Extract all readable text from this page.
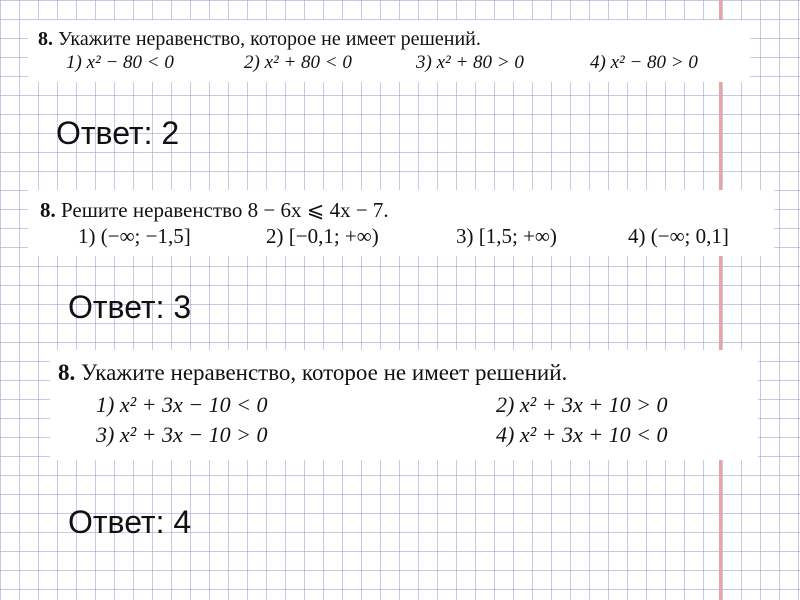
8. Укажите неравенство, которое не имеет решений.
1) x² − 80 < 0	2) x² + 80 < 0	3) x² + 80 > 0	4) x² − 80 > 0
Ответ: 2
8. Решите неравенство 8 − 6x ⩽ 4x − 7.
1) (−∞; −1,5]	2) [−0,1; +∞)	3) [1,5; +∞)	4) (−∞; 0,1]
Ответ: 3
8. Укажите неравенство, которое не имеет решений.
1) x² + 3x − 10 < 0	2) x² + 3x + 10 > 0
3) x² + 3x − 10 > 0	4) x² + 3x + 10 < 0
Ответ: 4
